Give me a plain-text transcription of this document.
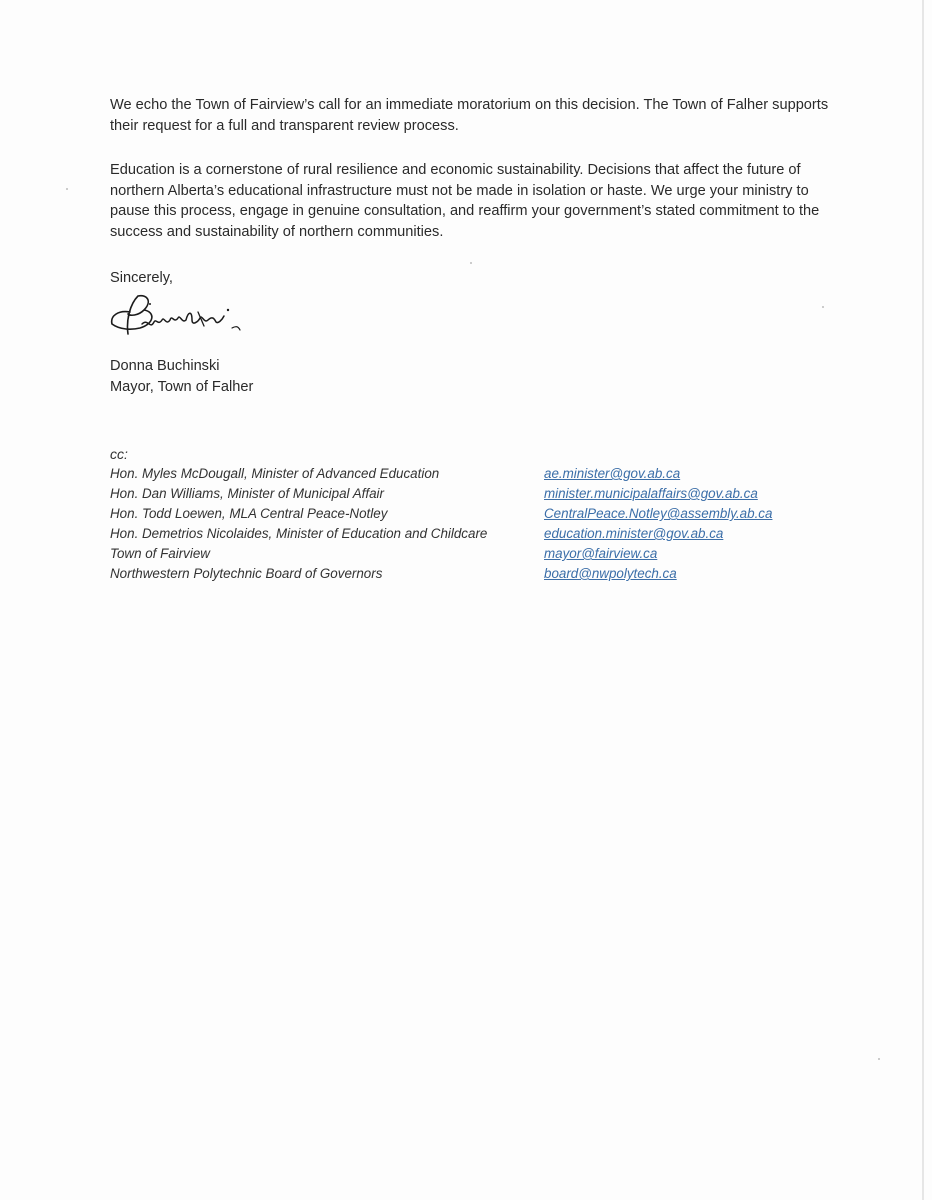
We echo the Town of Fairview’s call for an immediate moratorium on this decision. The Town of Falher supports their request for a full and transparent review process.

Education is a cornerstone of rural resilience and economic sustainability. Decisions that affect the future of northern Alberta’s educational infrastructure must not be made in isolation or haste. We urge your ministry to pause this process, engage in genuine consultation, and reaffirm your government’s stated commitment to the success and sustainability of northern communities.

Sincerely,

Donna Buchinski

Mayor, Town of Falher

cc:

Hon. Myles McDougall, Minister of Advanced Education	ae.minister@gov.ab.ca
Hon. Dan Williams, Minister of Municipal Affair	minister.municipalaffairs@gov.ab.ca
Hon. Todd Loewen, MLA Central Peace-Notley	CentralPeace.Notley@assembly.ab.ca
Hon. Demetrios Nicolaides, Minister of Education and Childcare	education.minister@gov.ab.ca
Town of Fairview	mayor@fairview.ca
Northwestern Polytechnic Board of Governors	board@nwpolytech.ca
